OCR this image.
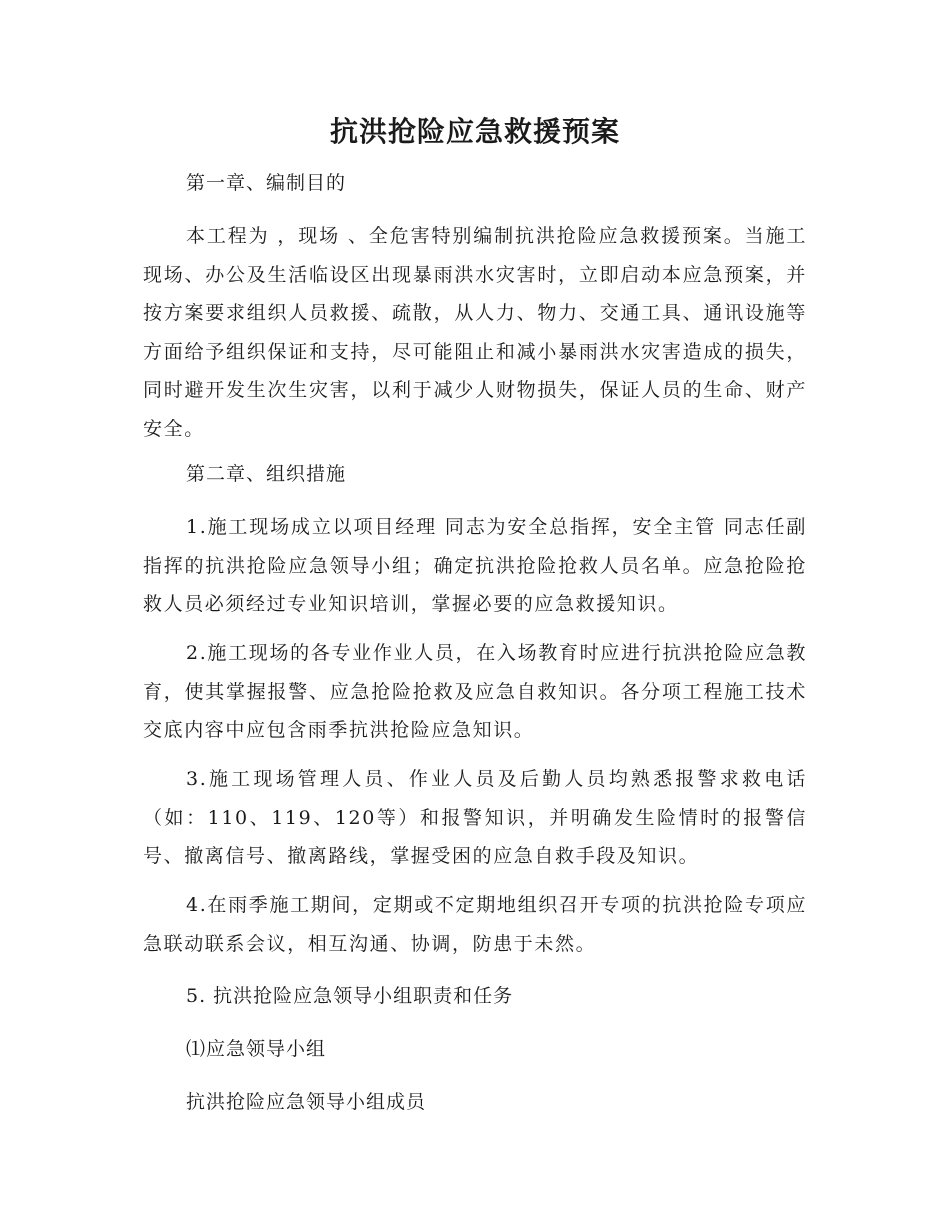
抗洪抢险应急救援预案
第一章、编制目的

本工程为 ，现场 、全危害特别编制抗洪抢险应急救援预案。当施工现场、办公及生活临设区出现暴雨洪水灾害时，立即启动本应急预案，并按方案要求组织人员救援、疏散，从人力、物力、交通工具、通讯设施等方面给予组织保证和支持，尽可能阻止和减小暴雨洪水灾害造成的损失，同时避开发生次生灾害，以利于减少人财物损失，保证人员的生命、财产安全。

第二章、组织措施

1.施工现场成立以项目经理 同志为安全总指挥，安全主管 同志任副指挥的抗洪抢险应急领导小组；确定抗洪抢险抢救人员名单。应急抢险抢救人员必须经过专业知识培训，掌握必要的应急救援知识。

2.施工现场的各专业作业人员，在入场教育时应进行抗洪抢险应急教育，使其掌握报警、应急抢险抢救及应急自救知识。各分项工程施工技术交底内容中应包含雨季抗洪抢险应急知识。

3.施工现场管理人员、作业人员及后勤人员均熟悉报警求救电话（如：110、119、120等）和报警知识，并明确发生险情时的报警信号、撤离信号、撤离路线，掌握受困的应急自救手段及知识。

4.在雨季施工期间，定期或不定期地组织召开专项的抗洪抢险专项应急联动联系会议，相互沟通、协调，防患于未然。

5. 抗洪抢险应急领导小组职责和任务
⑴应急领导小组
抗洪抢险应急领导小组成员
